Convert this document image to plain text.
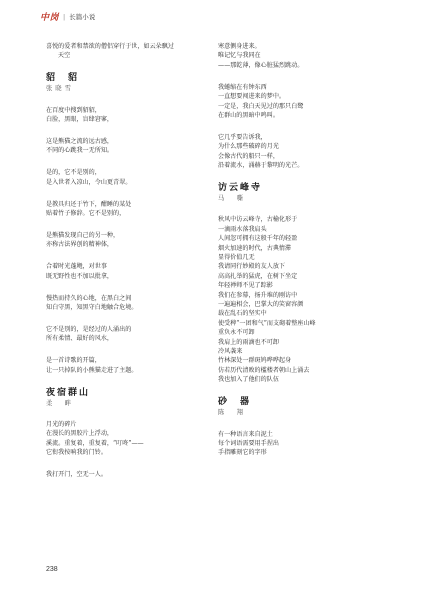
中岗 | 长篇小说
喜悦的爱者和禁欲的僧侣穿行于世，如云朵飘过
天空
貂　貂
张晓雪
在百度中搜到貂貂，
白脸，黑眼，盲肆窘寥，
这是熊猫之流的远古感，
不同的心跳我一无所知。
是的，它不是别的，
是入世者入凉山，令山更青翠。
是教具归还于竹下，酣睡的某处
贴着竹子修辞。它不是别的，
是熊猫发现自己的另一种，
亦称古法界创的精神体，
合着时光蓬飏，对世事
既无野性也不加以批拿，
慢热而持久的心地，在黑白之间
知白守黑，知黑守白地触合危境。
它不是别的，是经过的人涌出的
所有柔情、最好的风水，
是一首诗歌的开篇，
让一只掉队的小熊猫走进了主题。
夜宿群山
柔　畔
月光的碎片
在漫长的黑胶片上浮动，
溪流。重复着，重复着，“叮咚”——
它衔我按响我的门铃。
我打开门，空无一人。
寒意侧身进来。
唯记忆与我同在
——那乾薄，像心脏猛烈跳动。
我蜷缩在有钟东西
一直想要闯进来的梦中。
一定是，我白天见过的那只白鹭
在群山的黑暗中鸣叫。
它几乎要告诉我，
为什么那些破碎的月光
会像古代的船只一样，
沿着流水，涌赫于黎明的光芒。
访云峰寺
马　嘶
秋风中访云峰寺，古榆化形于
一滴雨水落我肩头
人间忽可拥有这般千年的轻盈
烟火加速的时代，古典惰滞
显得价值几无
我请同行妙殿的友人放下
高高扎举的猛虎，在树下坐定
年轻禅师不见了踪影
我们在参幕，扬升堆的刚访中
一遍遍相会，巴掌大的笑窗容颜
载在乱石的坚实中
使受稗“一团和气”而支砌着整座山峰
重负永不可卸
我肩上的雨滴也不可卸
冷风袭来
竹林深处一群斑鸠哗哗起身
仿若历代清败的槛楼者朝山上涌去
我也加入了他们的队伍
砂　器
陈　翔
有一种语言来自泥土
每个词语需要用手捏出
手指雕刻它的字形
238
